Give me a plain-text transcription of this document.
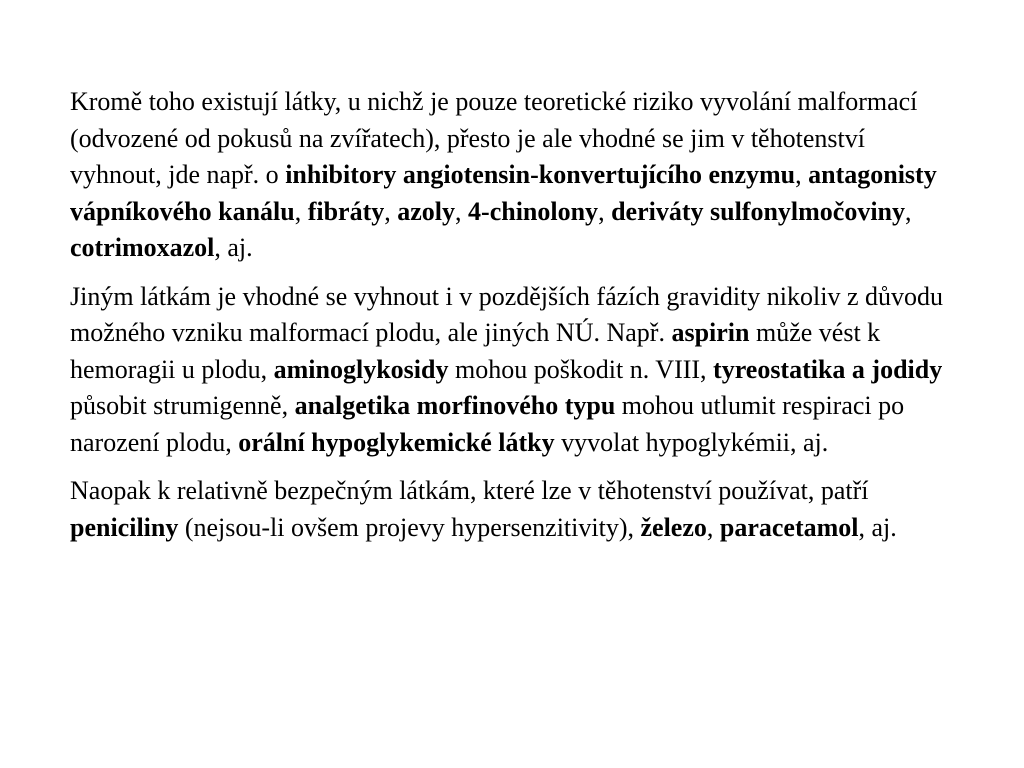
Kromě toho existují látky, u nichž je pouze teoretické riziko vyvolání malformací (odvozené od pokusů na zvířatech), přesto je ale vhodné se jim v těhotenství vyhnout, jde např. o inhibitory angiotensin-konvertujícího enzymu, antagonisty vápníkového kanálu, fibráty, azoly, 4-chinolony, deriváty sulfonylmočoviny, cotrimoxazol, aj.

Jiným látkám je vhodné se vyhnout i v pozdějších fázích gravidity nikoliv z důvodu možného vzniku malformací plodu, ale jiných NÚ. Např. aspirin může vést k hemoragii u plodu, aminoglykosidy mohou poškodit n. VIII, tyreostatika a jodidy působit strumigenně, analgetika morfinového typu mohou utlumit respiraci po narození plodu, orální hypoglykemické látky vyvolat hypoglykémii, aj.

Naopak k relativně bezpečným látkám, které lze v těhotenství používat, patří peniciliny (nejsou-li ovšem projevy hypersenzitivity), železo, paracetamol, aj.
